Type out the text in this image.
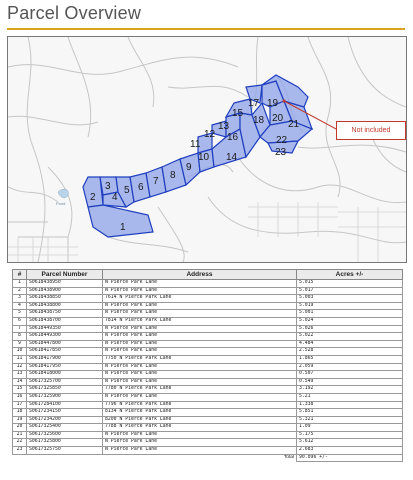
Parcel Overview
Pond
1
2
3
4
5 6
7
8
9
10
11
12
13
14
15
16
17
18
19
20
21
22
23
Not included
#	Parcel Number	Address	Acres +/-
1	S0618438950	N Pierce Park Lane	5.015
2	S0618438900	N Pierce Park Lane	5.017
3	S0618438850	7614 N Pierce Park Lane	5.003
4	S0618438800	N Pierce Park Lane	5.019
5	S0618438750	N Pierce Park Lane	5.001
6	S0618438700	7814 N Pierce Park Lane	5.024
7	S0618449350	N Pierce Park Lane	5.026
8	S0618449300	N Pierce Park Lane	5.022
9	S0618447800	N Pierce Park Lane	4.484
10	S0618417850	N Pierce Park Lane	2.528
11	S0618417900	7750 N Pierce Park Lane	1.865
12	S0618417950	N Pierce Park Lane	2.059
13	S0618418000	N Pierce Park Lane	0.507
14	S0617325700	N Pierce Park Lane	0.549
15	S0617325850	7780 N Pierce Park Lane	3.192
16	S0617325900	N Pierce Park Lane	5.21
17	S0617284100	7796 N Pierce Park Lane	1.338
18	S0617234150	8134 N Pierce Park Lane	5.851
19	S0617234200	8200 N Pierce Park Lane	5.321
20	S0617325400	7788 N Pierce Park Lane	1.09
21	S0617325600	N Pierce Park Lane	5.175
22	S0617325800	N Pierce Park Lane	5.612
23	S0617325750	N Pierce Park Lane	2.683
		Total	90.096 +/-
